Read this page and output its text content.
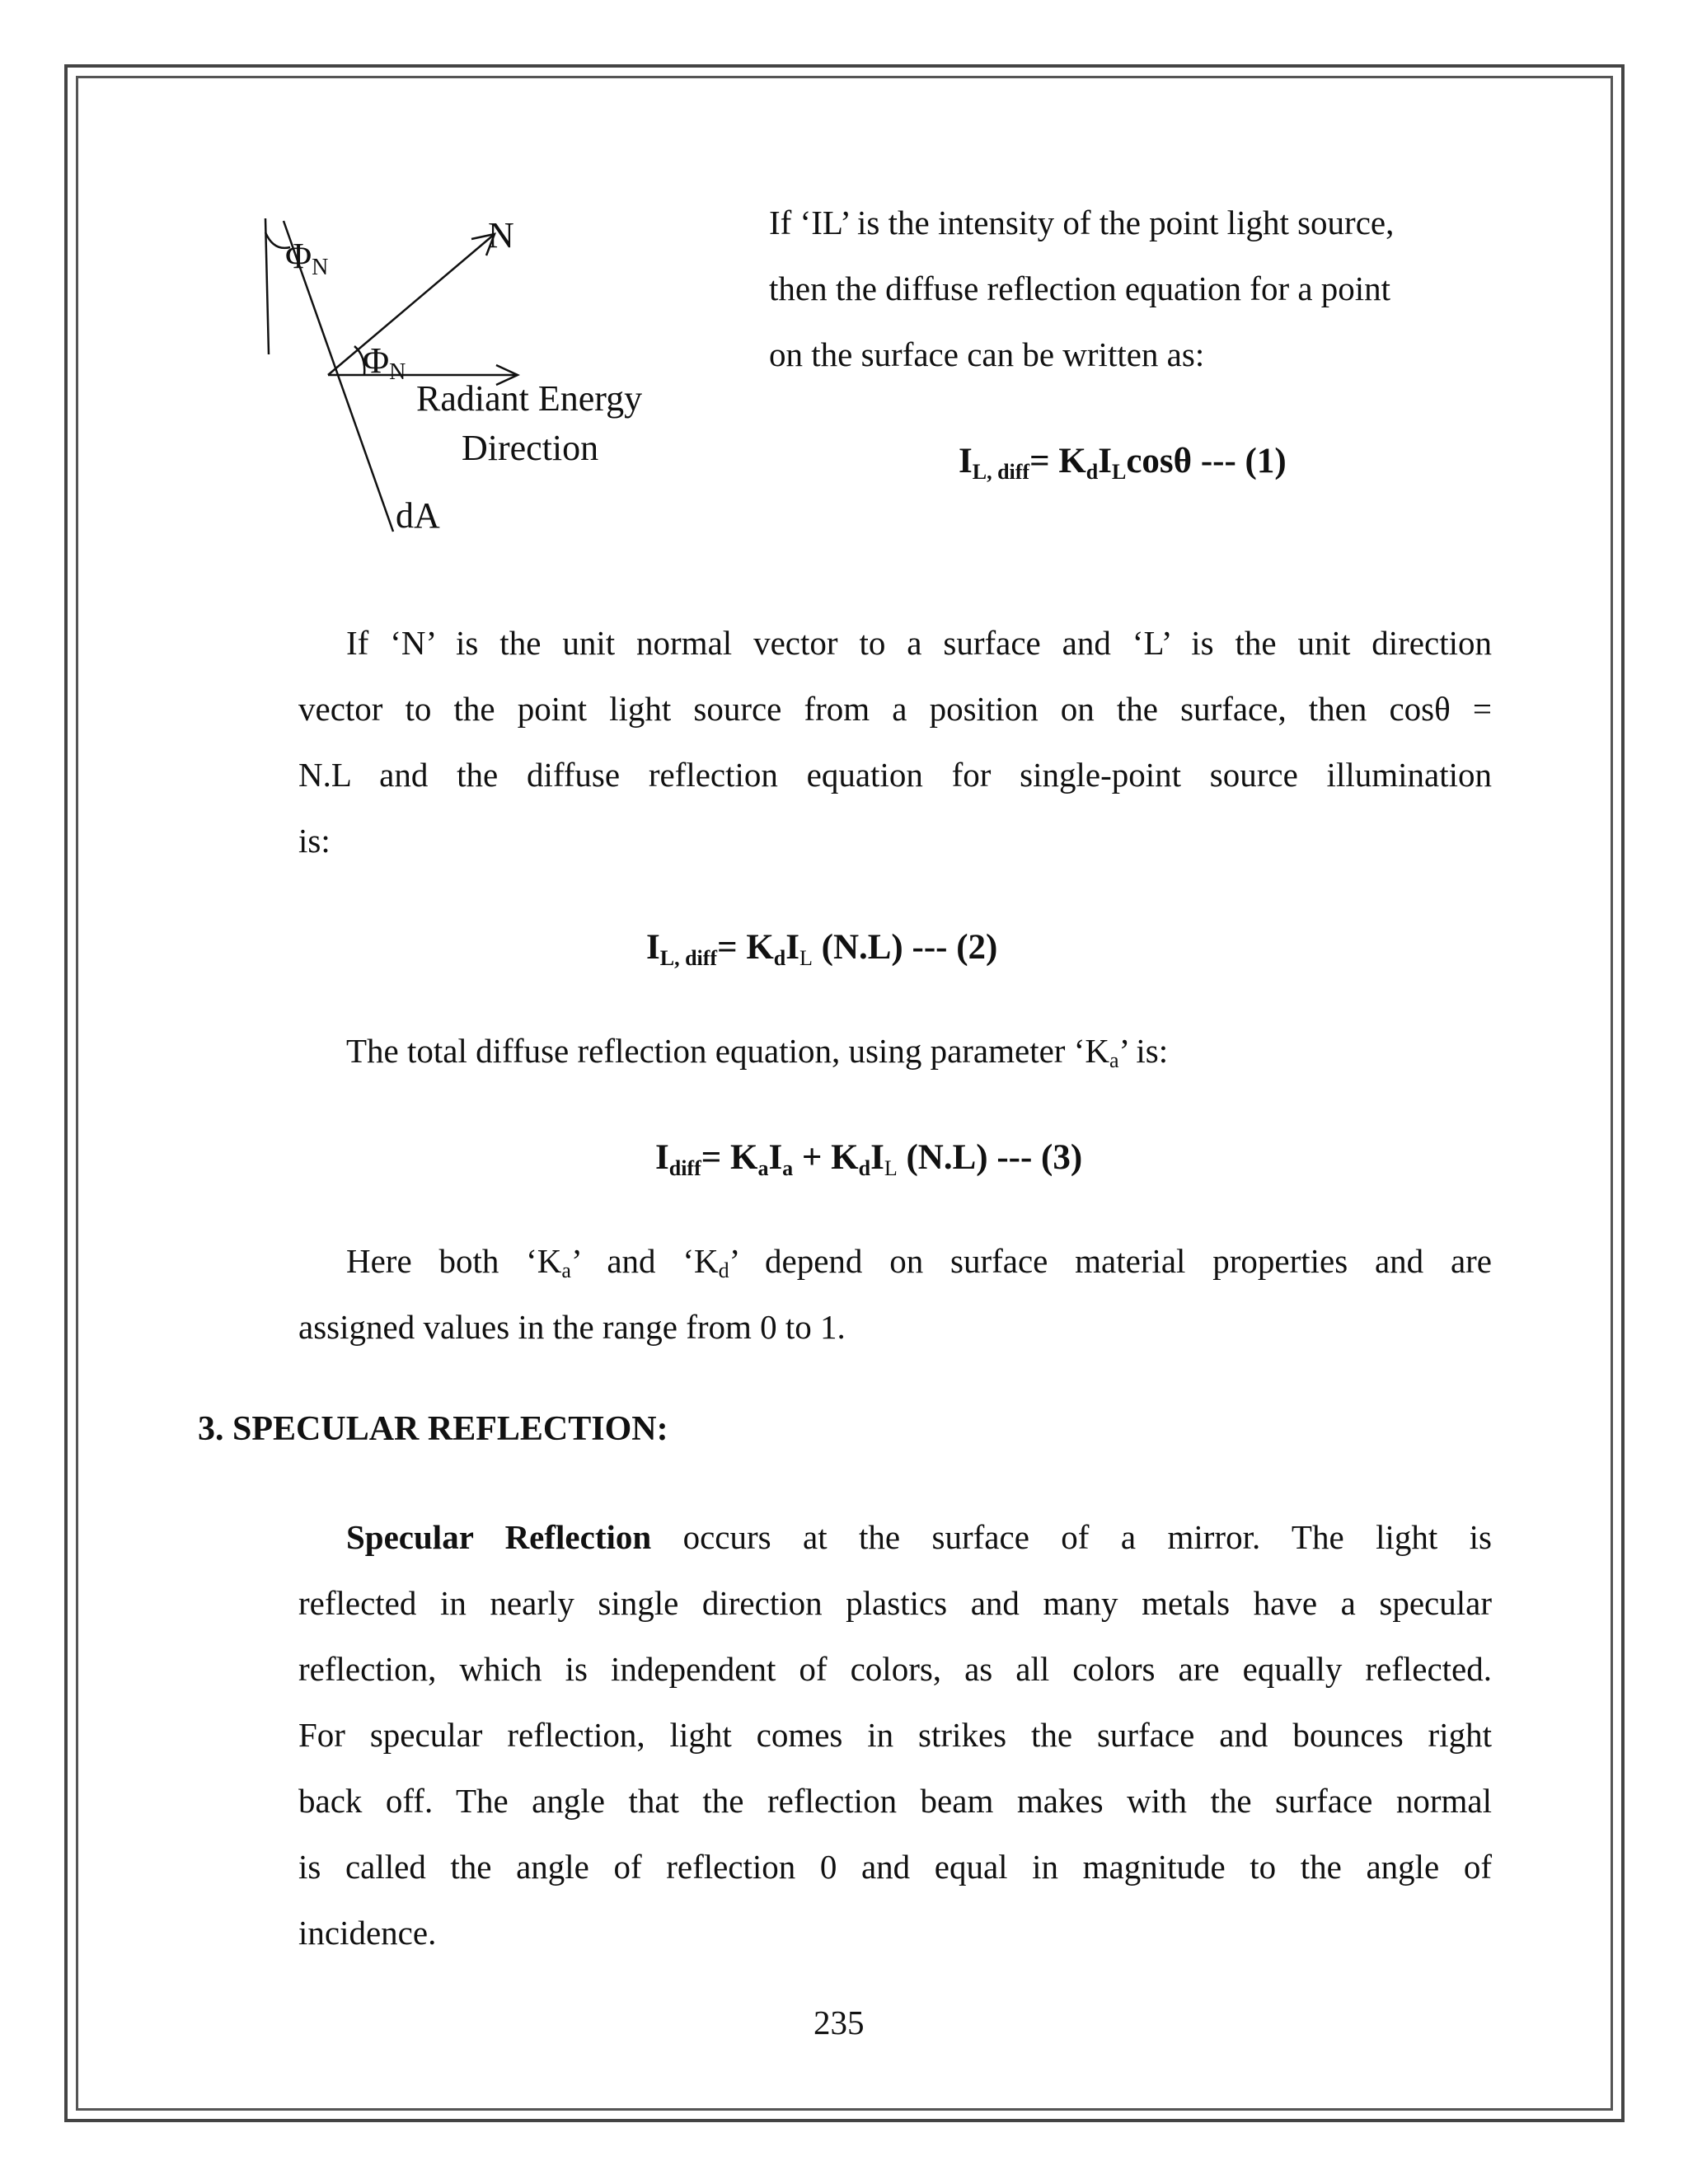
ΦN
N
ΦN
Radiant Energy
Direction
dA
If ‘IL’ is the intensity of the point light source,
then the diffuse reflection equation for a point
on the surface can be written as:
$I_{L, diff}= K_dI_L\cos\theta$ --- (1)
If ‘N’ is the unit normal vector to a surface and ‘L’ is the unit direction
vector to the point light source from a position on the surface, then cosθ =
N.L and the diffuse reflection equation for single-point source illumination
is:
$I_{L, diff}= K_dI_L$ (N.L) --- (2)
The total diffuse reflection equation, using parameter ‘$K_a$’ is:
$I_{diff}= K_aI_a + K_dI_L$ (N.L) --- (3)
Here both ‘$K_a$’ and ‘$K_d$’ depend on surface material properties and are
assigned values in the range from 0 to 1.
3. SPECULAR REFLECTION:
Specular Reflection occurs at the surface of a mirror. The light is
reflected in nearly single direction plastics and many metals have a specular
reflection, which is independent of colors, as all colors are equally reflected.
For specular reflection, light comes in strikes the surface and bounces right
back off. The angle that the reflection beam makes with the surface normal
is called the angle of reflection 0 and equal in magnitude to the angle of
incidence.
235
